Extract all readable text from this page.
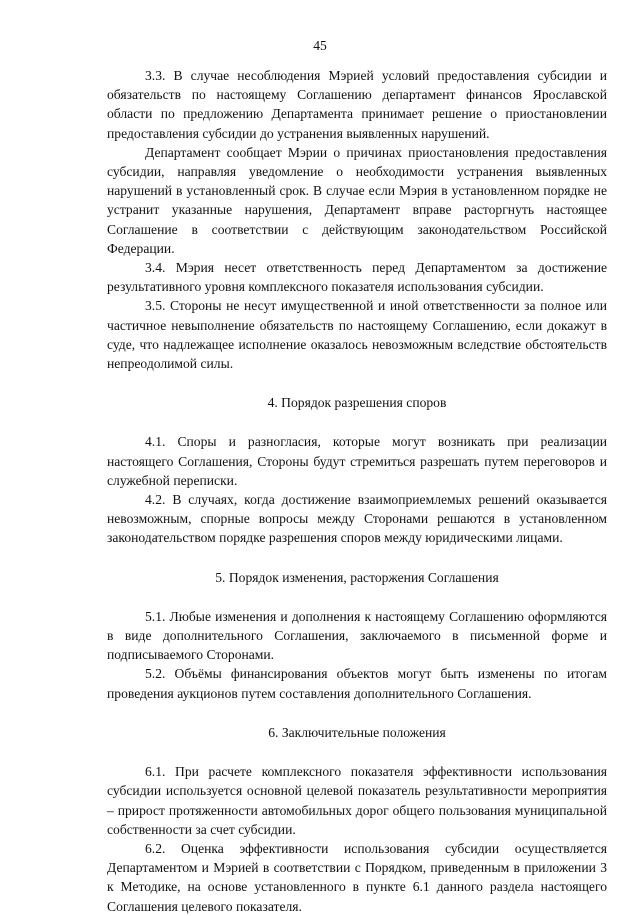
45

3.3. В случае несоблюдения Мэрией условий предоставления субсидии и обязательств по настоящему Соглашению департамент финансов Ярославской области по предложению Департамента принимает решение о приостановлении предоставления субсидии до устранения выявленных нарушений.

Департамент сообщает Мэрии о причинах приостановления предоставления субсидии, направляя уведомление о необходимости устранения выявленных нарушений в установленный срок. В случае если Мэрия в установленном порядке не устранит указанные нарушения, Департамент вправе расторгнуть настоящее Соглашение в соответствии с действующим законодательством Российской Федерации.

3.4. Мэрия несет ответственность перед Департаментом за достижение результативного уровня комплексного показателя использования субсидии.

3.5. Стороны не несут имущественной и иной ответственности за полное или частичное невыполнение обязательств по настоящему Соглашению, если докажут в суде, что надлежащее исполнение оказалось невозможным вследствие обстоятельств непреодолимой силы.

4. Порядок разрешения споров

4.1. Споры и разногласия, которые могут возникать при реализации настоящего Соглашения, Стороны будут стремиться разрешать путем переговоров и служебной переписки.

4.2. В случаях, когда достижение взаимоприемлемых решений оказывается невозможным, спорные вопросы между Сторонами решаются в установленном законодательством порядке разрешения споров между юридическими лицами.

5. Порядок изменения, расторжения Соглашения

5.1. Любые изменения и дополнения к настоящему Соглашению оформляются в виде дополнительного Соглашения, заключаемого в письменной форме и подписываемого Сторонами.

5.2. Объёмы финансирования объектов могут быть изменены по итогам проведения аукционов путем составления дополнительного Соглашения.

6. Заключительные положения

6.1. При расчете комплексного показателя эффективности использования субсидии используется основной целевой показатель результативности мероприятия – прирост протяженности автомобильных дорог общего пользования муниципальной собственности за счет субсидии.

6.2. Оценка эффективности использования субсидии осуществляется Департаментом и Мэрией в соответствии с Порядком, приведенным в приложении 3 к Методике, на основе установленного в пункте 6.1 данного раздела настоящего Соглашения целевого показателя.
